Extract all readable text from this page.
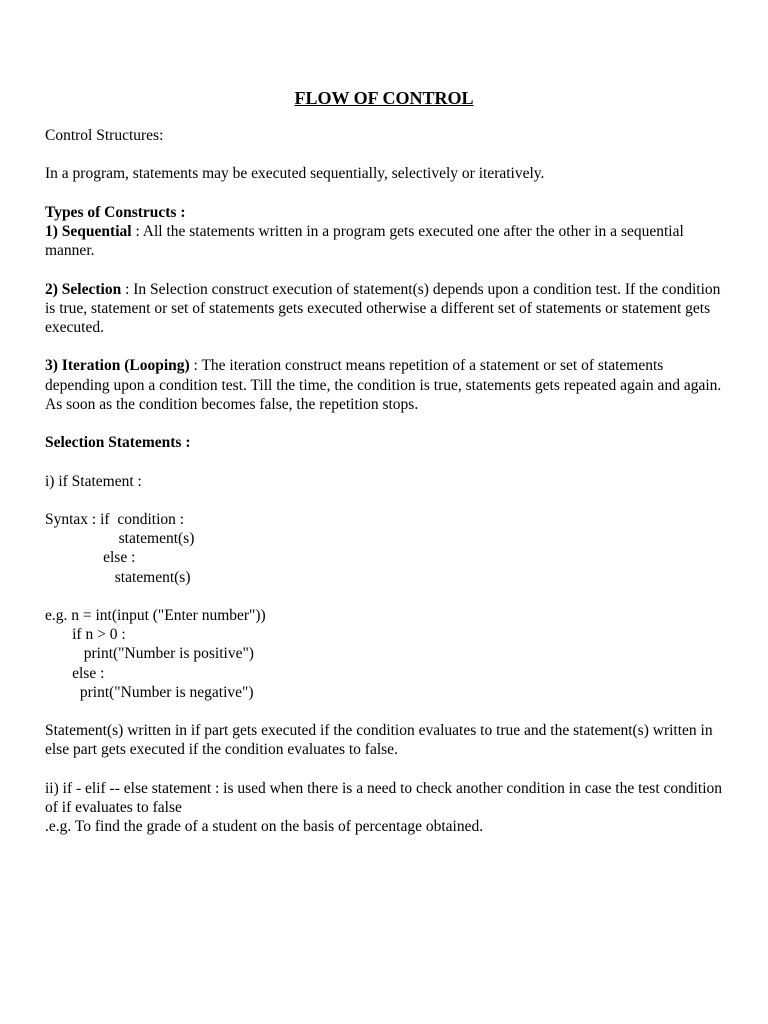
FLOW OF CONTROL

Control Structures:

In a program, statements may be executed sequentially, selectively or iteratively.

Types of Constructs :

1) Sequential : All the statements written in a program gets executed one after the other in a sequential manner.

2) Selection : In Selection construct execution of statement(s) depends upon a condition test. If the condition is true, statement or set of statements gets executed otherwise a different set of statements or statement gets executed.

3) Iteration (Looping) : The iteration construct means repetition of a statement or set of statements depending upon a condition test. Till the time, the condition is true, statements gets repeated again and again. As soon as the condition becomes false, the repetition stops.

Selection Statements :

i) if Statement :

Syntax : if  condition :
statement(s)
else :
statement(s)
e.g. n = int(input ("Enter number"))
if n > 0 :
print("Number is positive")
else :
print("Number is negative")

Statement(s) written in if part gets executed if the condition evaluates to true and the statement(s) written in else part gets executed if the condition evaluates to false.

ii) if - elif -- else statement : is used when there is a need to check another condition in case the test condition of if evaluates to false

.e.g. To find the grade of a student on the basis of percentage obtained.
